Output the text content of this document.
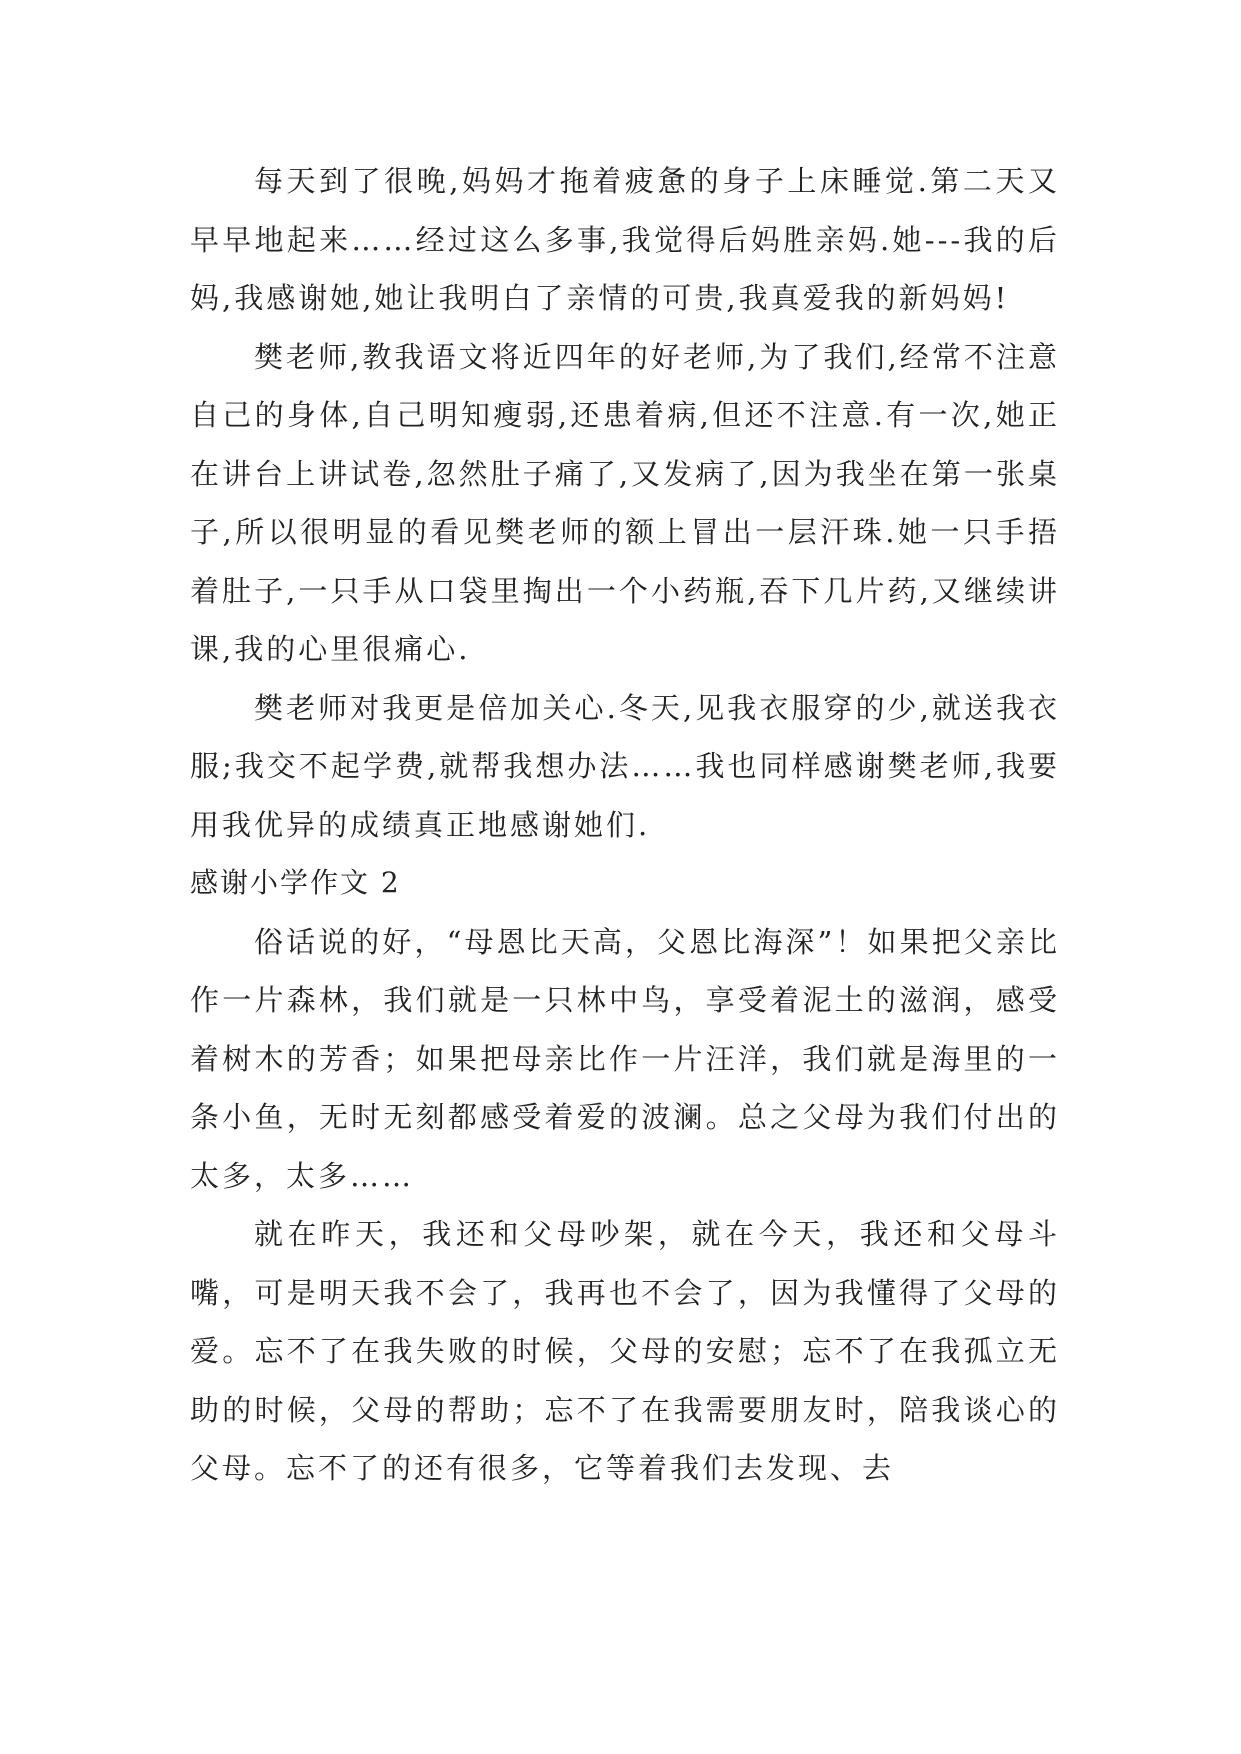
每天到了很晚,妈妈才拖着疲惫的身子上床睡觉.第二天又早早地起来……经过这么多事,我觉得后妈胜亲妈.她---我的后妈,我感谢她,她让我明白了亲情的可贵,我真爱我的新妈妈!

樊老师,教我语文将近四年的好老师,为了我们,经常不注意自己的身体,自己明知瘦弱,还患着病,但还不注意.有一次,她正在讲台上讲试卷,忽然肚子痛了,又发病了,因为我坐在第一张桌子,所以很明显的看见樊老师的额上冒出一层汗珠.她一只手捂着肚子,一只手从口袋里掏出一个小药瓶,吞下几片药,又继续讲课,我的心里很痛心.

樊老师对我更是倍加关心.冬天,见我衣服穿的少,就送我衣服;我交不起学费,就帮我想办法……我也同样感谢樊老师,我要用我优异的成绩真正地感谢她们.

感谢小学作文 2

俗话说的好，“母恩比天高，父恩比海深”！如果把父亲比作一片森林，我们就是一只林中鸟，享受着泥土的滋润，感受着树木的芳香；如果把母亲比作一片汪洋，我们就是海里的一条小鱼，无时无刻都感受着爱的波澜。总之父母为我们付出的太多，太多……

就在昨天，我还和父母吵架，就在今天，我还和父母斗嘴，可是明天我不会了，我再也不会了，因为我懂得了父母的爱。忘不了在我失败的时候，父母的安慰；忘不了在我孤立无助的时候，父母的帮助；忘不了在我需要朋友时，陪我谈心的父母。忘不了的还有很多，它等着我们去发现、去
